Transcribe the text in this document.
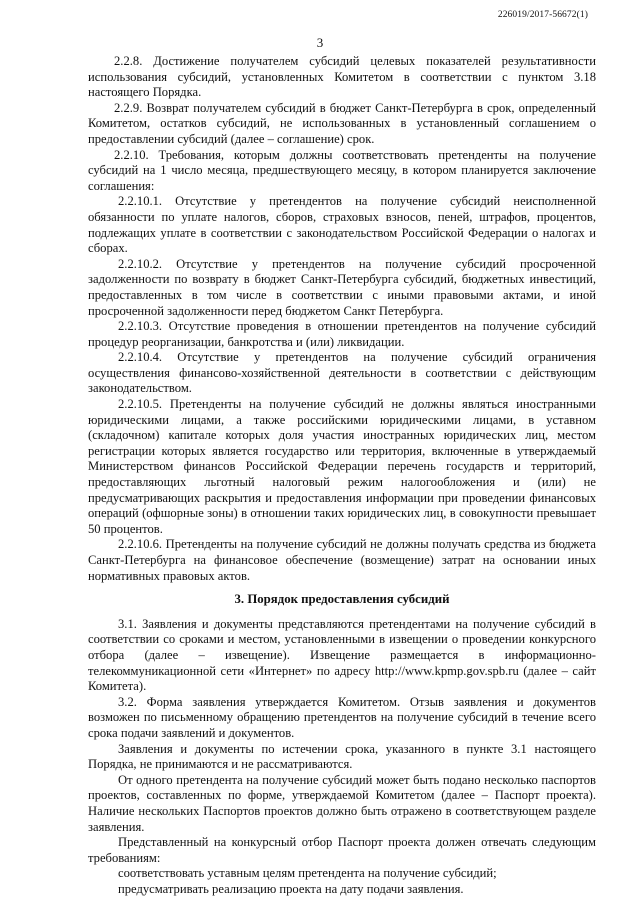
226019/2017-56672(1)
3

2.2.8. Достижение получателем субсидий целевых показателей результативности использования субсидий, установленных Комитетом в соответствии с пунктом 3.18 настоящего Порядка.

2.2.9. Возврат получателем субсидий в бюджет Санкт-Петербурга в срок, определенный Комитетом, остатков субсидий, не использованных в установленный соглашением о предоставлении субсидий (далее – соглашение) срок.

2.2.10. Требования, которым должны соответствовать претенденты на получение субсидий на 1 число месяца, предшествующего месяцу, в котором планируется заключение соглашения:

2.2.10.1. Отсутствие у претендентов на получение субсидий неисполненной обязанности по уплате налогов, сборов, страховых взносов, пеней, штрафов, процентов, подлежащих уплате в соответствии с законодательством Российской Федерации о налогах и сборах.

2.2.10.2. Отсутствие у претендентов на получение субсидий просроченной задолженности по возврату в бюджет Санкт-Петербурга субсидий, бюджетных инвестиций, предоставленных в том числе в соответствии с иными правовыми актами, и иной просроченной задолженности перед бюджетом Санкт Петербурга.

2.2.10.3. Отсутствие проведения в отношении претендентов на получение субсидий процедур реорганизации, банкротства и (или) ликвидации.

2.2.10.4. Отсутствие у претендентов на получение субсидий ограничения осуществления финансово-хозяйственной деятельности в соответствии с действующим законодательством.

2.2.10.5. Претенденты на получение субсидий не должны являться иностранными юридическими лицами, а также российскими юридическими лицами, в уставном (складочном) капитале которых доля участия иностранных юридических лиц, местом регистрации которых является государство или территория, включенные в утверждаемый Министерством финансов Российской Федерации перечень государств и территорий, предоставляющих льготный налоговый режим налогообложения и (или) не предусматривающих раскрытия и предоставления информации при проведении финансовых операций (офшорные зоны) в отношении таких юридических лиц, в совокупности превышает 50 процентов.

2.2.10.6. Претенденты на получение субсидий не должны получать средства из бюджета Санкт-Петербурга на финансовое обеспечение (возмещение) затрат на основании иных нормативных правовых актов.

3. Порядок предоставления субсидий

3.1. Заявления и документы представляются претендентами на получение субсидий в соответствии со сроками и местом, установленными в извещении о проведении конкурсного отбора (далее – извещение). Извещение размещается в информационно-телекоммуникационной сети «Интернет» по адресу http://www.kpmp.gov.spb.ru (далее – сайт Комитета).

3.2. Форма заявления утверждается Комитетом. Отзыв заявления и документов возможен по письменному обращению претендентов на получение субсидий в течение всего срока подачи заявлений и документов.

Заявления и документы по истечении срока, указанного в пункте 3.1 настоящего Порядка, не принимаются и не рассматриваются.

От одного претендента на получение субсидий может быть подано несколько паспортов проектов, составленных по форме, утверждаемой Комитетом (далее – Паспорт проекта). Наличие нескольких Паспортов проектов должно быть отражено в соответствующем разделе заявления.

Представленный на конкурсный отбор Паспорт проекта должен отвечать следующим требованиям:

соответствовать уставным целям претендента на получение субсидий;

предусматривать реализацию проекта на дату подачи заявления.
